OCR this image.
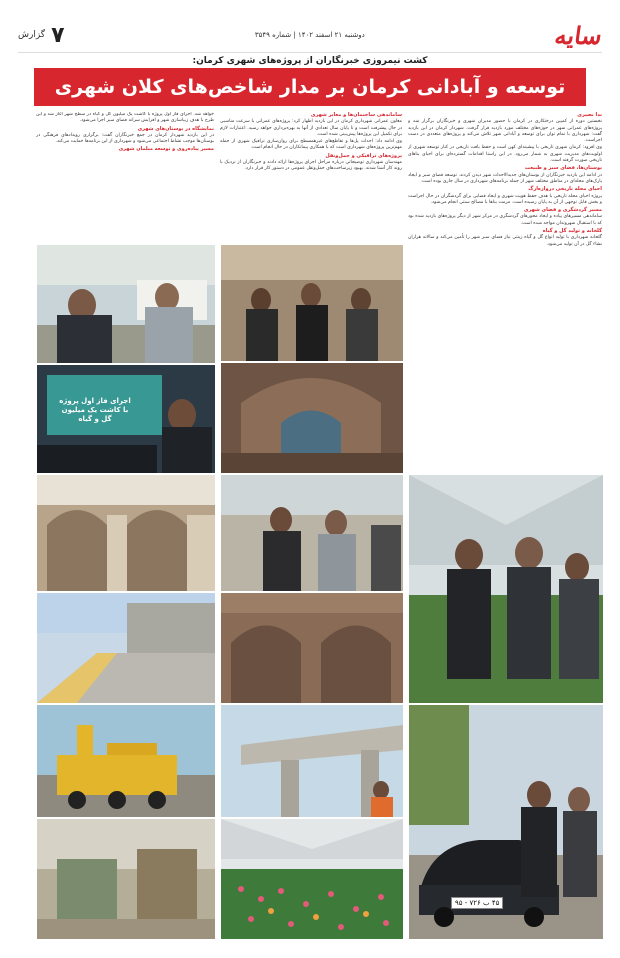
۷
گزارش	دوشنبه ۲۱ اسفند ۱۴۰۲ | شماره ۳۵۴۹	سایه
کشت نیمروزی خبرنگاران از پروژه‌های شهری کرمان:
توسعه و آبادانی کرمان بر مدار شاخص‌های کلان شهری

ندا نصیری

نخستین دوره از کمپین درختکاری در کرمان با حضور مدیران شهری و خبرنگاران برگزار شد و پروژه‌های عمرانی شهر در حوزه‌های مختلف مورد بازدید قرار گرفت. شهردار کرمان در این بازدید گفت: شهرداری با تمام توان برای توسعه و آبادانی شهر تلاش می‌کند و پروژه‌های متعددی در دست اجراست.

وی افزود: کرمان شهری تاریخی با پیشینه‌ای کهن است و حفظ بافت تاریخی در کنار توسعه شهری از اولویت‌های مدیریت شهری به شمار می‌رود. در این راستا اقدامات گسترده‌ای برای احیای بناهای تاریخی صورت گرفته است.

بوستان‌ها، فضای سبز و طبیعت

در ادامه این بازدید خبرنگاران از بوستان‌های جدیدالاحداث شهر دیدن کردند. توسعه فضای سبز و ایجاد پارک‌های محله‌ای در مناطق مختلف شهر از جمله برنامه‌های شهرداری در سال جاری بوده است.

احیای محله تاریخی دروازه‌ارگ

پروژه احیای محله تاریخی با هدف حفظ هویت شهری و ایجاد فضایی برای گردشگران در حال اجراست و بخش قابل توجهی از آن به پایان رسیده است. مرمت بناها با مصالح سنتی انجام می‌شود.

مسیر گردشگری و فضای شهری

ساماندهی مسیرهای پیاده و ایجاد محورهای گردشگری در مرکز شهر از دیگر پروژه‌های بازدید شده بود که با استقبال شهروندان مواجه شده است.

گلخانه و تولید گل و گیاه

گلخانه شهرداری با تولید انواع گل و گیاه زینتی نیاز فضای سبز شهر را تأمین می‌کند و سالانه هزاران نشاء گل در آن تولید می‌شود.

ساماندهی ساختمان‌ها و معابر شهری

معاون عمرانی شهرداری کرمان در این بازدید اظهار کرد: پروژه‌های عمرانی با سرعت مناسبی در حال پیشرفت است و تا پایان سال تعدادی از آنها به بهره‌برداری خواهد رسید. اعتبارات لازم برای تکمیل این پروژه‌ها پیش‌بینی شده است.

وی ادامه داد: احداث پل‌ها و تقاطع‌های غیرهمسطح برای روان‌سازی ترافیک شهری از جمله مهم‌ترین پروژه‌های شهرداری است که با همکاری پیمانکاران در حال انجام است.

پروژه‌های ترافیکی و حمل‌ونقل

مهندسان شهرداری توضیحاتی درباره مراحل اجرای پروژه‌ها ارائه دادند و خبرنگاران از نزدیک با روند کار آشنا شدند. بهبود زیرساخت‌های حمل‌ونقل عمومی در دستور کار قرار دارد.

خواهد شد. اجرای فاز اول پروژه با کاشت یک میلیون گل و گیاه در سطح شهر آغاز شد و این طرح با هدف زیباسازی شهر و افزایش سرانه فضای سبز اجرا می‌شود.

نمایشگاه در بوستان‌های شهری

در این بازدید شهردار کرمان در جمع خبرنگاران گفت: برگزاری رویدادهای فرهنگی در بوستان‌ها موجب نشاط اجتماعی می‌شود و شهرداری از این برنامه‌ها حمایت می‌کند.

مسیر پیاده‌روی و توسعه مبلمان شهری

اجرای فاز اول پروژه
با کاشت یک میلیون
گل و گیاه
۴۵ ب ۷۲۶ - ۹۵
